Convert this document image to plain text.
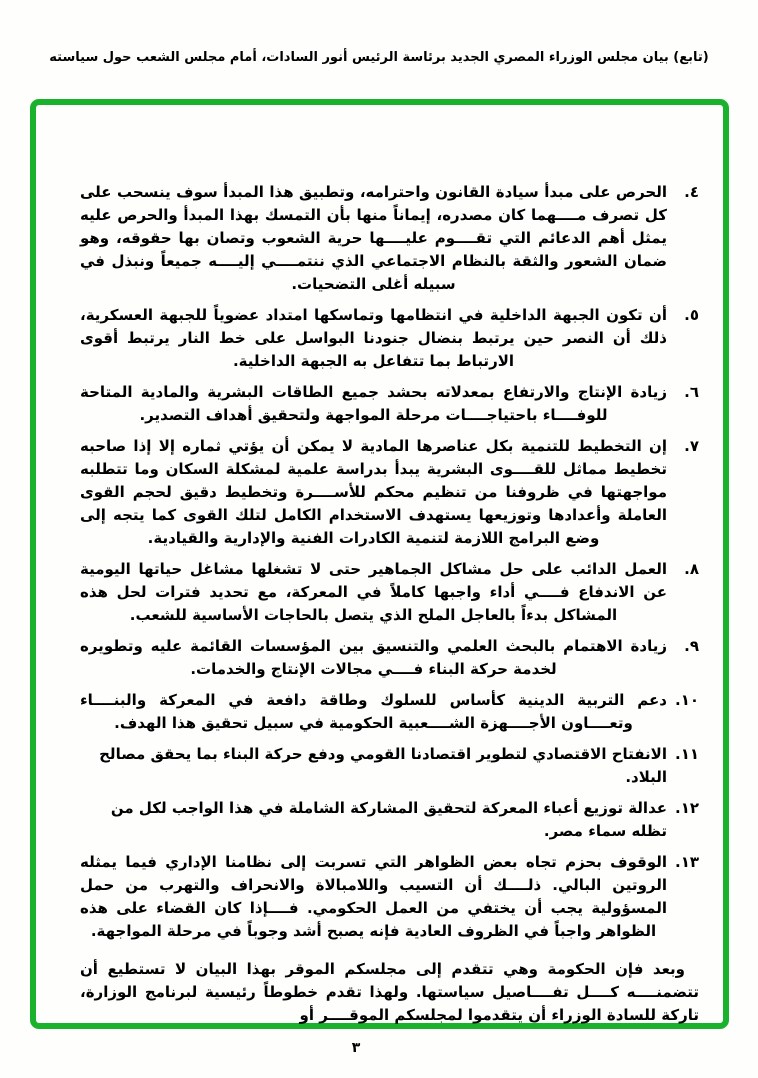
(تابع) بيان مجلس الوزراء المصري الجديد برئاسة الرئيس أنور السادات، أمام مجلس الشعب حول سياسته
٤.
الحرص على مبدأ سيادة القانون واحترامه، وتطبيق هذا المبدأ سوف ينسحب على كل تصرف مــــهما كان مصدره، إيماناً منها بأن التمسك بهذا المبدأ والحرص عليه يمثل أهم الدعائم التي تقــــوم عليــــها حرية الشعوب وتصان بها حقوقه، وهو ضمان الشعور والثقة بالنظام الاجتماعي الذي ننتمــــي إليــــه جميعاً ونبذل في سبيله أغلى التضحيات.
٥.
أن تكون الجبهة الداخلية في انتظامها وتماسكها امتداد عضوياً للجبهة العسكرية، ذلك أن النصر حين يرتبط بنضال جنودنا البواسل على خط النار يرتبط أقوى الارتباط بما تتفاعل به الجبهة الداخلية.
٦.
زيادة الإنتاج والارتفاع بمعدلاته بحشد جميع الطاقات البشرية والمادية المتاحة للوفــــاء باحتياجــــات مرحلة المواجهة ولتحقيق أهداف التصدير.
٧.
إن التخطيط للتنمية بكل عناصرها المادية لا يمكن أن يؤتي ثماره إلا إذا صاحبه تخطيط مماثل للقــــوى البشرية يبدأ بدراسة علمية لمشكلة السكان وما تتطلبه مواجهتها في ظروفنا من تنظيم محكم للأســــرة وتخطيط دقيق لحجم القوى العاملة وأعدادها وتوزيعها يستهدف الاستخدام الكامل لتلك القوى كما يتجه إلى وضع البرامج اللازمة لتنمية الكادرات الفنية والإدارية والقيادية.
٨.
العمل الدائب على حل مشاكل الجماهير حتى لا تشغلها مشاغل حياتها اليومية عن الاندفاع فــــي أداء واجبها كاملاً في المعركة، مع تحديد فترات لحل هذه المشاكل بدءاً بالعاجل الملح الذي يتصل بالحاجات الأساسية للشعب.
٩.
زيادة الاهتمام بالبحث العلمي والتنسيق بين المؤسسات القائمة عليه وتطويره لخدمة حركة البناء فــــي مجالات الإنتاج والخدمات.
١٠.
دعم التربية الدينية كأساس للسلوك وطاقة دافعة في المعركة والبنــــاء وتعــــاون الأجــــهزة الشــــعبية الحكومية في سبيل تحقيق هذا الهدف.
١١.
الانفتاح الاقتصادي لتطوير اقتصادنا القومي ودفع حركة البناء بما يحقق مصالح البلاد.
١٢.
عدالة توزيع أعباء المعركة لتحقيق المشاركة الشاملة في هذا الواجب لكل من تظله سماء مصر.
١٣.
الوقوف بحزم تجاه بعض الظواهر التي تسربت إلى نظامنا الإداري فيما يمثله الروتين البالي. ذلــــك أن التسيب واللامبالاة والانحراف والتهرب من حمل المسؤولية يجب أن يختفي من العمل الحكومي. فــــإذا كان القضاء على هذه الظواهر واجباً في الظروف العادية فإنه يصبح أشد وجوباً في مرحلة المواجهة.

وبعد فإن الحكومة وهي تتقدم إلى مجلسكم الموقر بهذا البيان لا تستطيع أن تتضمنــــه كــــل تفــــاصيل سياستها. ولهذا تقدم خطوطاً رئيسية لبرنامج الوزارة، تاركة للسادة الوزراء أن يتقدموا لمجلسكم الموقــــر أو

٣
